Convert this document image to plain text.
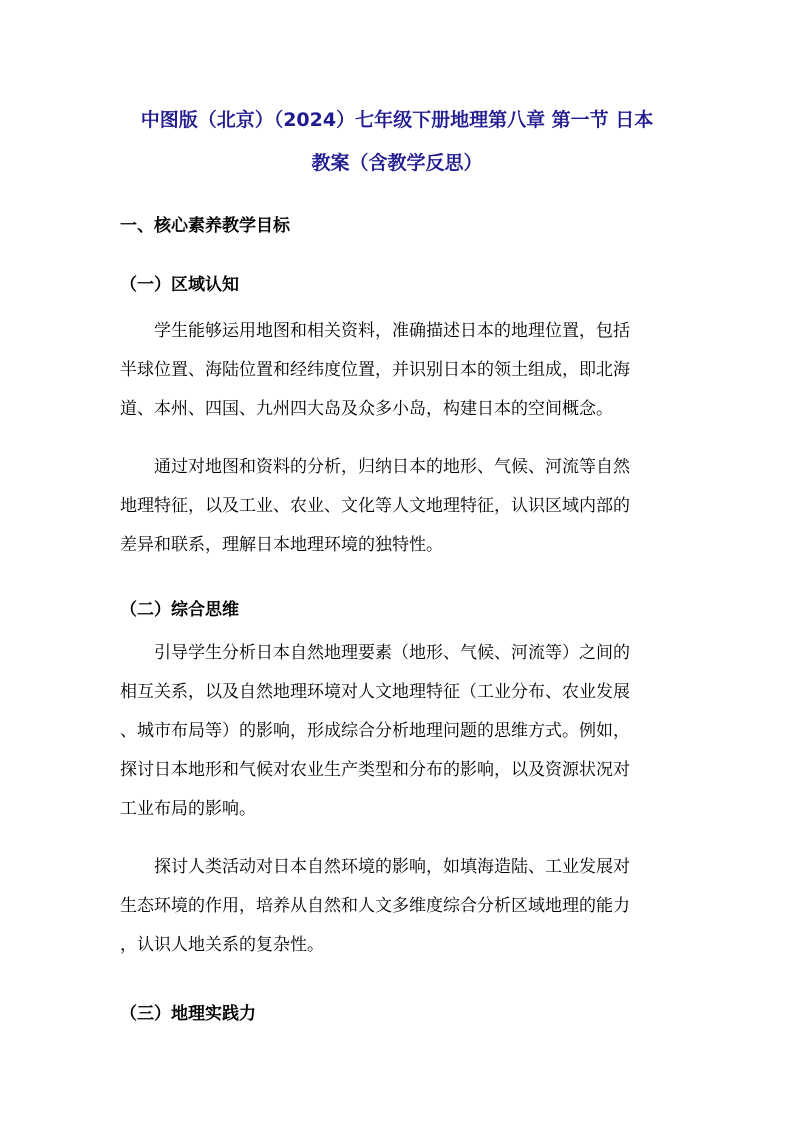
中图版（北京）（2024）七年级下册地理第八章 第一节 日本
教案（含教学反思）
一、核心素养教学目标
（一）区域认知
　　学生能够运用地图和相关资料，准确描述日本的地理位置，包括
半球位置、海陆位置和经纬度位置，并识别日本的领土组成，即北海
道、本州、四国、九州四大岛及众多小岛，构建日本的空间概念。
　　通过对地图和资料的分析，归纳日本的地形、气候、河流等自然
地理特征，以及工业、农业、文化等人文地理特征，认识区域内部的
差异和联系，理解日本地理环境的独特性。
（二）综合思维
　　引导学生分析日本自然地理要素（地形、气候、河流等）之间的
相互关系，以及自然地理环境对人文地理特征（工业分布、农业发展
、城市布局等）的影响，形成综合分析地理问题的思维方式。例如，
探讨日本地形和气候对农业生产类型和分布的影响，以及资源状况对
工业布局的影响。
　　探讨人类活动对日本自然环境的影响，如填海造陆、工业发展对
生态环境的作用，培养从自然和人文多维度综合分析区域地理的能力
，认识人地关系的复杂性。
（三）地理实践力
